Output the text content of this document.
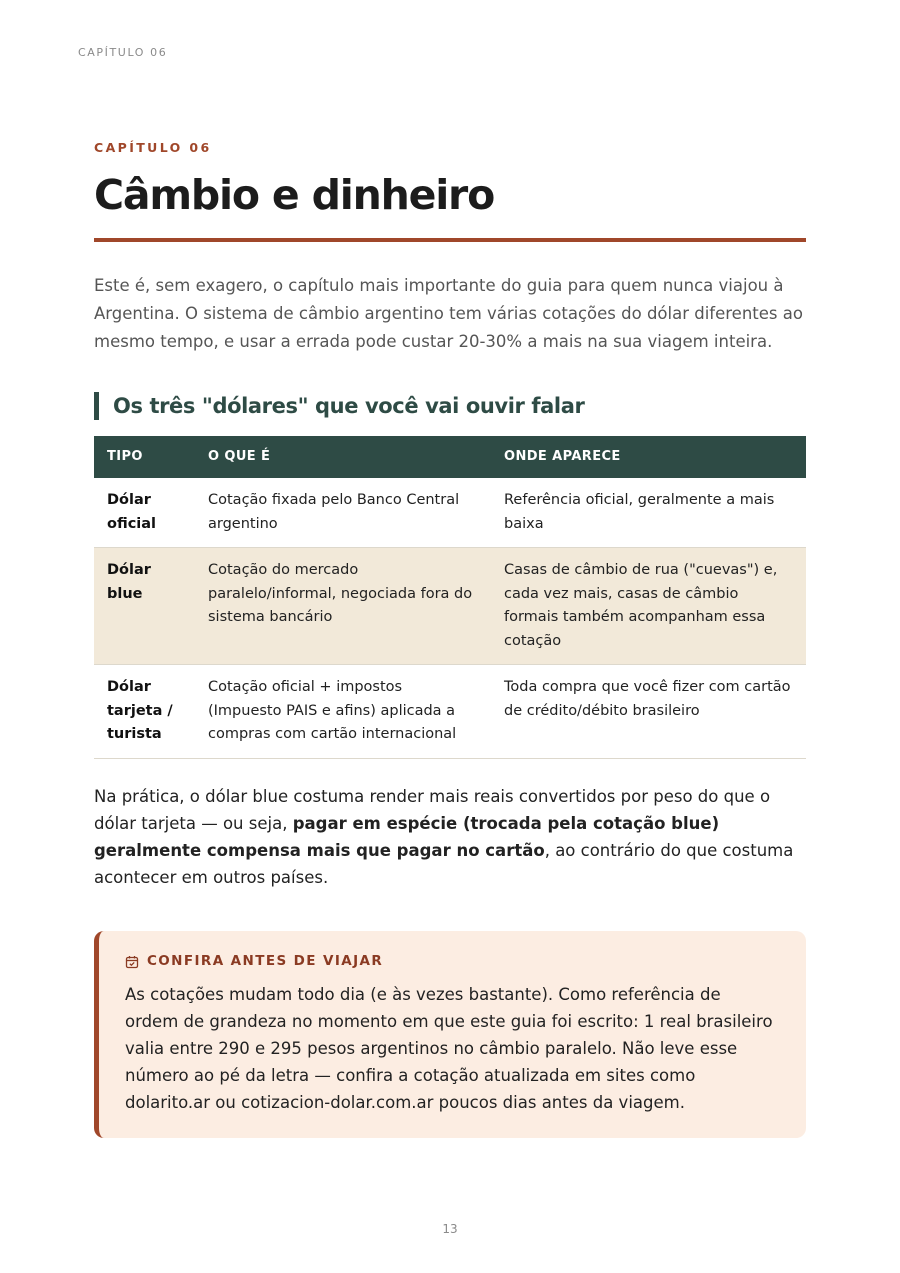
CAPÍTULO 06

CAPÍTULO 06

Câmbio e dinheiro

Este é, sem exagero, o capítulo mais importante do guia para quem nunca viajou à Argentina. O sistema de câmbio argentino tem várias cotações do dólar diferentes ao mesmo tempo, e usar a errada pode custar 20-30% a mais na sua viagem inteira.

Os três "dólares" que você vai ouvir falar
TIPO	O QUE É	ONDE APARECE
Dólar oficial	Cotação fixada pelo Banco Central argentino	Referência oficial, geralmente a mais baixa
Dólar blue	Cotação do mercado paralelo/informal, negociada fora do sistema bancário	Casas de câmbio de rua ("cuevas") e, cada vez mais, casas de câmbio formais também acompanham essa cotação
Dólar tarjeta / turista	Cotação oficial + impostos (Impuesto PAIS e afins) aplicada a compras com cartão internacional	Toda compra que você fizer com cartão de crédito/débito brasileiro

Na prática, o dólar blue costuma render mais reais convertidos por peso do que o dólar tarjeta — ou seja, pagar em espécie (trocada pela cotação blue) geralmente compensa mais que pagar no cartão, ao contrário do que costuma acontecer em outros países.

CONFIRA ANTES DE VIAJAR

As cotações mudam todo dia (e às vezes bastante). Como referência de ordem de grandeza no momento em que este guia foi escrito: 1 real brasileiro valia entre 290 e 295 pesos argentinos no câmbio paralelo. Não leve esse número ao pé da letra — confira a cotação atualizada em sites como dolarito.ar ou cotizacion-dolar.com.ar poucos dias antes da viagem.

13
